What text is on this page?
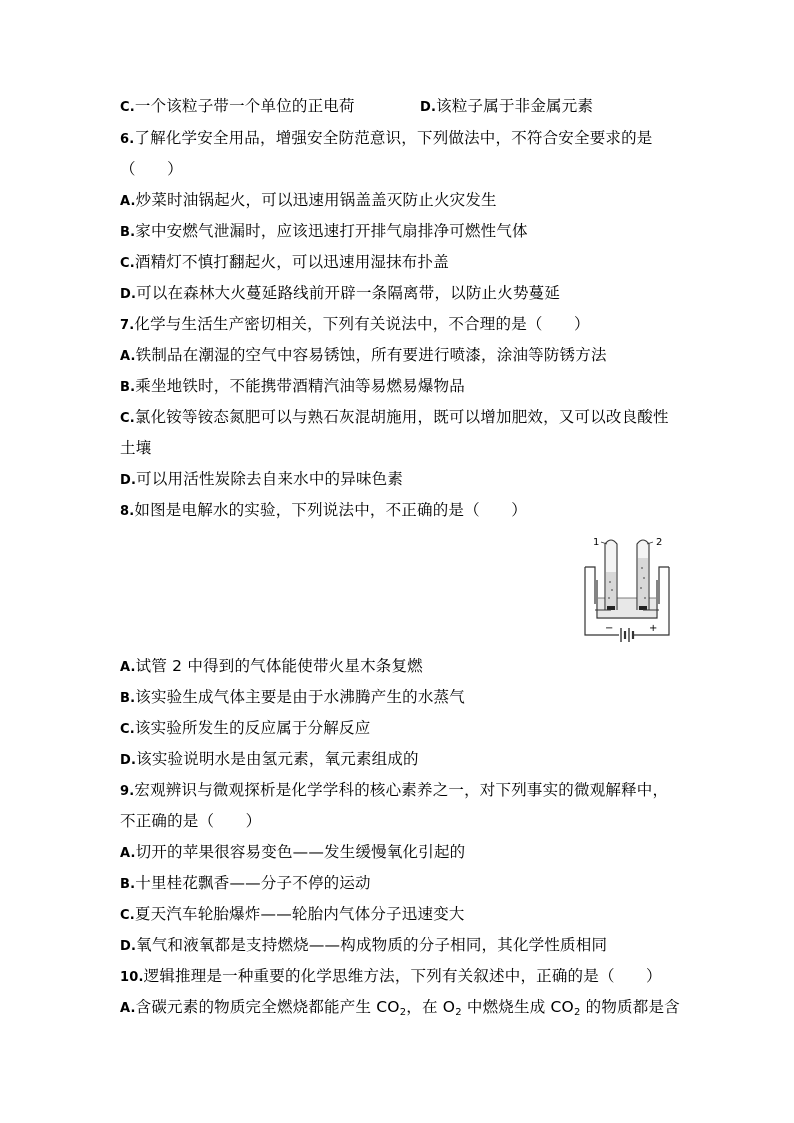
C.一个该粒子带一个单位的正电荷	D.该粒子属于非金属元素
6.了解化学安全用品，增强安全防范意识，下列做法中，不符合安全要求的是
（　　）
A.炒菜时油锅起火，可以迅速用锅盖盖灭防止火灾发生
B.家中安燃气泄漏时，应该迅速打开排气扇排净可燃性气体
C.酒精灯不慎打翻起火，可以迅速用湿抹布扑盖
D.可以在森林大火蔓延路线前开辟一条隔离带，以防止火势蔓延
7.化学与生活生产密切相关，下列有关说法中，不合理的是（　　）
A.铁制品在潮湿的空气中容易锈蚀，所有要进行喷漆，涂油等防锈方法
B.乘坐地铁时，不能携带酒精汽油等易燃易爆物品
C.氯化铵等铵态氮肥可以与熟石灰混胡施用，既可以增加肥效，又可以改良酸性
土壤
D.可以用活性炭除去自来水中的异味色素
8.如图是电解水的实验，下列说法中，不正确的是（　　）
1	2
−	+
A.试管 2 中得到的气体能使带火星木条复燃
B.该实验生成气体主要是由于水沸腾产生的水蒸气
C.该实验所发生的反应属于分解反应
D.该实验说明水是由氢元素，氧元素组成的
9.宏观辨识与微观探析是化学学科的核心素养之一，对下列事实的微观解释中，
不正确的是（　　）
A.切开的苹果很容易变色——发生缓慢氧化引起的
B.十里桂花飘香——分子不停的运动
C.夏天汽车轮胎爆炸——轮胎内气体分子迅速变大
D.氧气和液氧都是支持燃烧——构成物质的分子相同，其化学性质相同
10.逻辑推理是一种重要的化学思维方法，下列有关叙述中，正确的是（　　）
A.含碳元素的物质完全燃烧都能产生 $CO_2$，在 $O_2$ 中燃烧生成 $CO_2$ 的物质都是含
